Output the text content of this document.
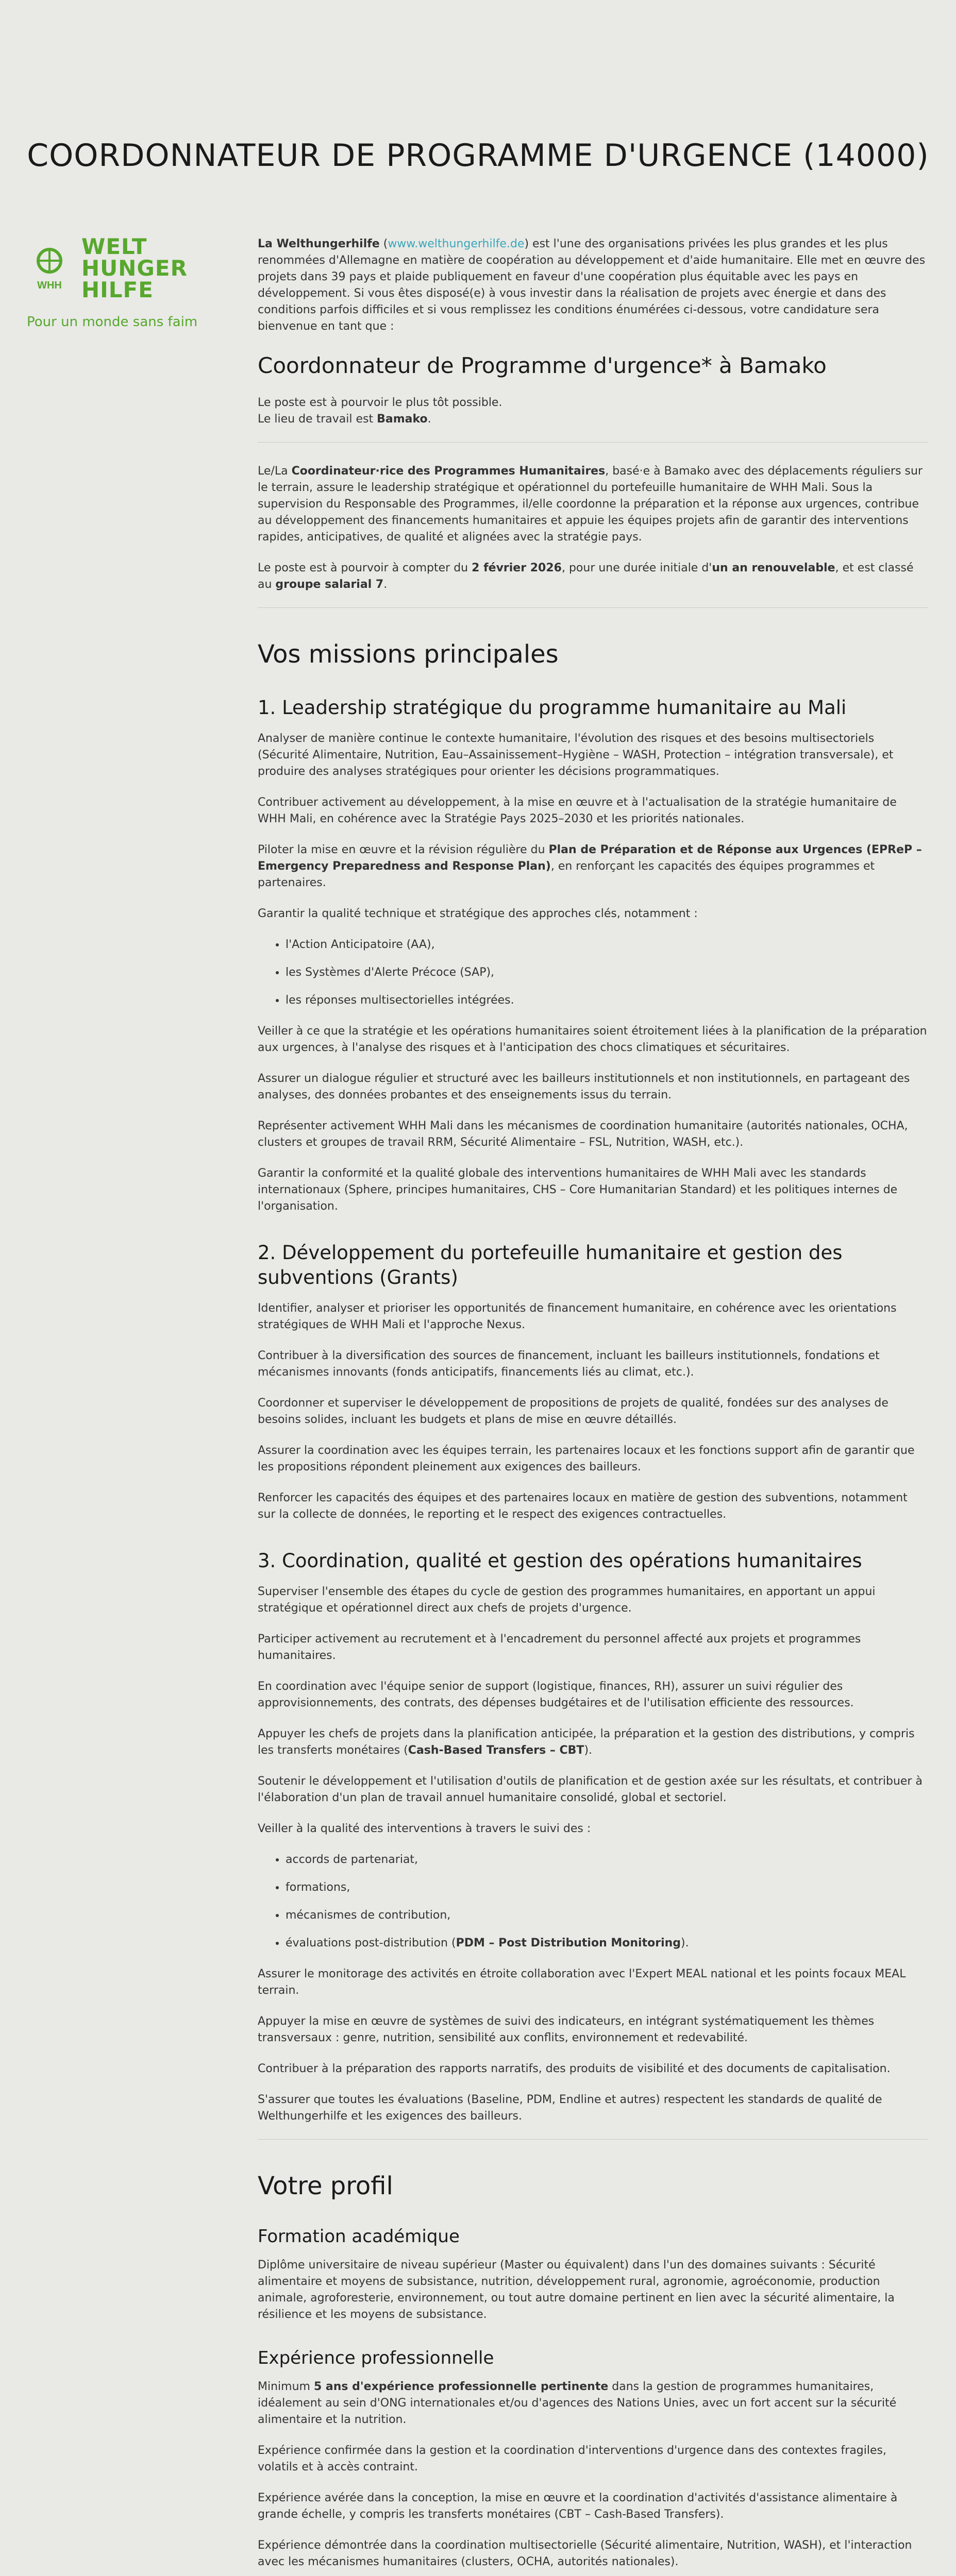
COORDONNATEUR DE PROGRAMME D'URGENCE (14000)
WHH
WELT HUNGER HILFE
Pour un monde sans faim

La Welthungerhilfe (www.welthungerhilfe.de) est l'une des organisations privées les plus grandes et les plus renommées d'Allemagne en matière de coopération au développement et d'aide humanitaire. Elle met en œuvre des projets dans 39 pays et plaide publiquement en faveur d'une coopération plus équitable avec les pays en développement. Si vous êtes disposé(e) à vous investir dans la réalisation de projets avec énergie et dans des conditions parfois difficiles et si vous remplissez les conditions énumérées ci-dessous, votre candidature sera bienvenue en tant que :

Coordonnateur de Programme d'urgence* à Bamako

Le poste est à pourvoir le plus tôt possible.
Le lieu de travail est Bamako.

Le/La Coordinateur·rice des Programmes Humanitaires, basé·e à Bamako avec des déplacements réguliers sur le terrain, assure le leadership stratégique et opérationnel du portefeuille humanitaire de WHH Mali. Sous la supervision du Responsable des Programmes, il/elle coordonne la préparation et la réponse aux urgences, contribue au développement des financements humanitaires et appuie les équipes projets afin de garantir des interventions rapides, anticipatives, de qualité et alignées avec la stratégie pays.

Le poste est à pourvoir à compter du 2 février 2026, pour une durée initiale d'un an renouvelable, et est classé au groupe salarial 7.

Vos missions principales
1. Leadership stratégique du programme humanitaire au Mali

Analyser de manière continue le contexte humanitaire, l'évolution des risques et des besoins multisectoriels (Sécurité Alimentaire, Nutrition, Eau–Assainissement–Hygiène – WASH, Protection – intégration transversale), et produire des analyses stratégiques pour orienter les décisions programmatiques.

Contribuer activement au développement, à la mise en œuvre et à l'actualisation de la stratégie humanitaire de WHH Mali, en cohérence avec la Stratégie Pays 2025–2030 et les priorités nationales.

Piloter la mise en œuvre et la révision régulière du Plan de Préparation et de Réponse aux Urgences (EPReP – Emergency Preparedness and Response Plan), en renforçant les capacités des équipes programmes et partenaires.

Garantir la qualité technique et stratégique des approches clés, notamment :

• l'Action Anticipatoire (AA),
• les Systèmes d'Alerte Précoce (SAP),
• les réponses multisectorielles intégrées.

Veiller à ce que la stratégie et les opérations humanitaires soient étroitement liées à la planification de la préparation aux urgences, à l'analyse des risques et à l'anticipation des chocs climatiques et sécuritaires.

Assurer un dialogue régulier et structuré avec les bailleurs institutionnels et non institutionnels, en partageant des analyses, des données probantes et des enseignements issus du terrain.

Représenter activement WHH Mali dans les mécanismes de coordination humanitaire (autorités nationales, OCHA, clusters et groupes de travail RRM, Sécurité Alimentaire – FSL, Nutrition, WASH, etc.).

Garantir la conformité et la qualité globale des interventions humanitaires de WHH Mali avec les standards internationaux (Sphere, principes humanitaires, CHS – Core Humanitarian Standard) et les politiques internes de l'organisation.

2. Développement du portefeuille humanitaire et gestion des subventions (Grants)

Identifier, analyser et prioriser les opportunités de financement humanitaire, en cohérence avec les orientations stratégiques de WHH Mali et l'approche Nexus.

Contribuer à la diversification des sources de financement, incluant les bailleurs institutionnels, fondations et mécanismes innovants (fonds anticipatifs, financements liés au climat, etc.).

Coordonner et superviser le développement de propositions de projets de qualité, fondées sur des analyses de besoins solides, incluant les budgets et plans de mise en œuvre détaillés.

Assurer la coordination avec les équipes terrain, les partenaires locaux et les fonctions support afin de garantir que les propositions répondent pleinement aux exigences des bailleurs.

Renforcer les capacités des équipes et des partenaires locaux en matière de gestion des subventions, notamment sur la collecte de données, le reporting et le respect des exigences contractuelles.

3. Coordination, qualité et gestion des opérations humanitaires

Superviser l'ensemble des étapes du cycle de gestion des programmes humanitaires, en apportant un appui stratégique et opérationnel direct aux chefs de projets d'urgence.

Participer activement au recrutement et à l'encadrement du personnel affecté aux projets et programmes humanitaires.

En coordination avec l'équipe senior de support (logistique, finances, RH), assurer un suivi régulier des approvisionnements, des contrats, des dépenses budgétaires et de l'utilisation efficiente des ressources.

Appuyer les chefs de projets dans la planification anticipée, la préparation et la gestion des distributions, y compris les transferts monétaires (Cash-Based Transfers – CBT).

Soutenir le développement et l'utilisation d'outils de planification et de gestion axée sur les résultats, et contribuer à l'élaboration d'un plan de travail annuel humanitaire consolidé, global et sectoriel.

Veiller à la qualité des interventions à travers le suivi des :

• accords de partenariat,
• formations,
• mécanismes de contribution,
• évaluations post-distribution (PDM – Post Distribution Monitoring).

Assurer le monitorage des activités en étroite collaboration avec l'Expert MEAL national et les points focaux MEAL terrain.

Appuyer la mise en œuvre de systèmes de suivi des indicateurs, en intégrant systématiquement les thèmes transversaux : genre, nutrition, sensibilité aux conflits, environnement et redevabilité.

Contribuer à la préparation des rapports narratifs, des produits de visibilité et des documents de capitalisation.

S'assurer que toutes les évaluations (Baseline, PDM, Endline et autres) respectent les standards de qualité de Welthungerhilfe et les exigences des bailleurs.

Votre profil
Formation académique

Diplôme universitaire de niveau supérieur (Master ou équivalent) dans l'un des domaines suivants : Sécurité alimentaire et moyens de subsistance, nutrition, développement rural, agronomie, agroéconomie, production animale, agroforesterie, environnement, ou tout autre domaine pertinent en lien avec la sécurité alimentaire, la résilience et les moyens de subsistance.

Expérience professionnelle

Minimum 5 ans d'expérience professionnelle pertinente dans la gestion de programmes humanitaires, idéalement au sein d'ONG internationales et/ou d'agences des Nations Unies, avec un fort accent sur la sécurité alimentaire et la nutrition.

Expérience confirmée dans la gestion et la coordination d'interventions d'urgence dans des contextes fragiles, volatils et à accès contraint.

Expérience avérée dans la conception, la mise en œuvre et la coordination d'activités d'assistance alimentaire à grande échelle, y compris les transferts monétaires (CBT – Cash-Based Transfers).

Expérience démontrée dans la coordination multisectorielle (Sécurité alimentaire, Nutrition, WASH), et l'interaction avec les mécanismes humanitaires (clusters, OCHA, autorités nationales).
